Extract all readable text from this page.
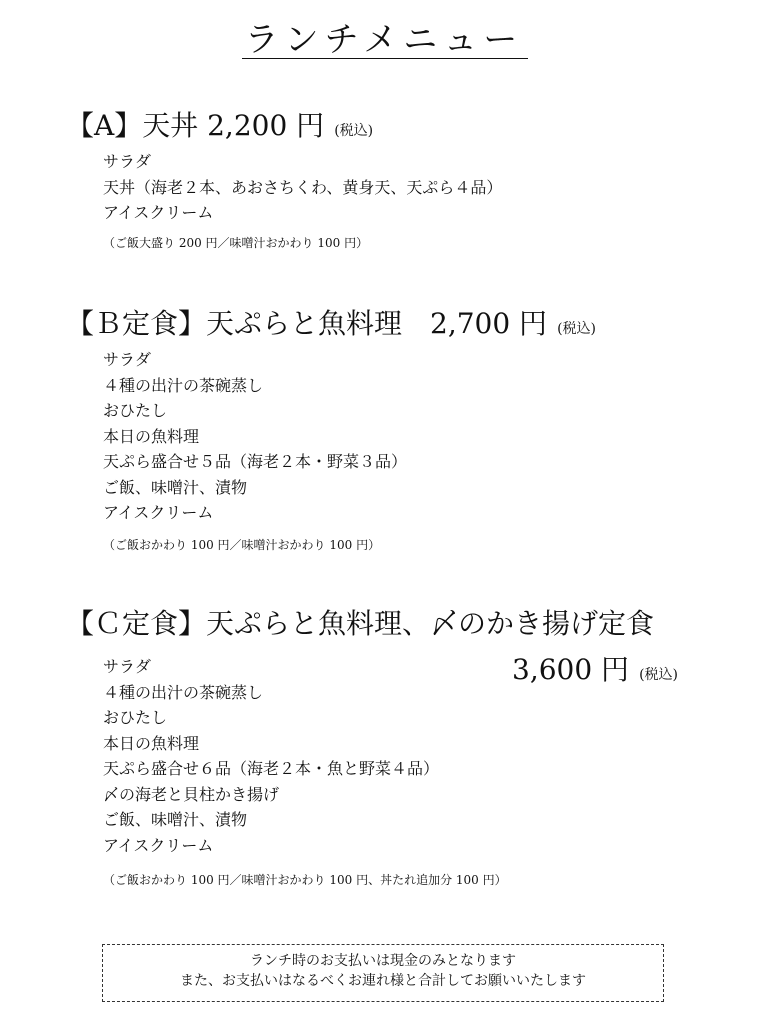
ランチメニュー
【A】天丼 2,200 円 (税込)
サラダ
天丼（海老２本、あおさちくわ、黄身天、天ぷら４品）
アイスクリーム
（ご飯大盛り 200 円／味噌汁おかわり 100 円）
【Ｂ定食】天ぷらと魚料理　2,700 円 (税込)
サラダ
４種の出汁の茶碗蒸し
おひたし
本日の魚料理
天ぷら盛合せ５品（海老２本・野菜３品）
ご飯、味噌汁、漬物
アイスクリーム
（ご飯おかわり 100 円／味噌汁おかわり 100 円）
【Ｃ定食】天ぷらと魚料理、〆のかき揚げ定食
3,600 円 (税込)
サラダ
４種の出汁の茶碗蒸し
おひたし
本日の魚料理
天ぷら盛合せ６品（海老２本・魚と野菜４品）
〆の海老と貝柱かき揚げ
ご飯、味噌汁、漬物
アイスクリーム
（ご飯おかわり 100 円／味噌汁おかわり 100 円、丼たれ追加分 100 円）
ランチ時のお支払いは現金のみとなります
また、お支払いはなるべくお連れ様と合計してお願いいたします
